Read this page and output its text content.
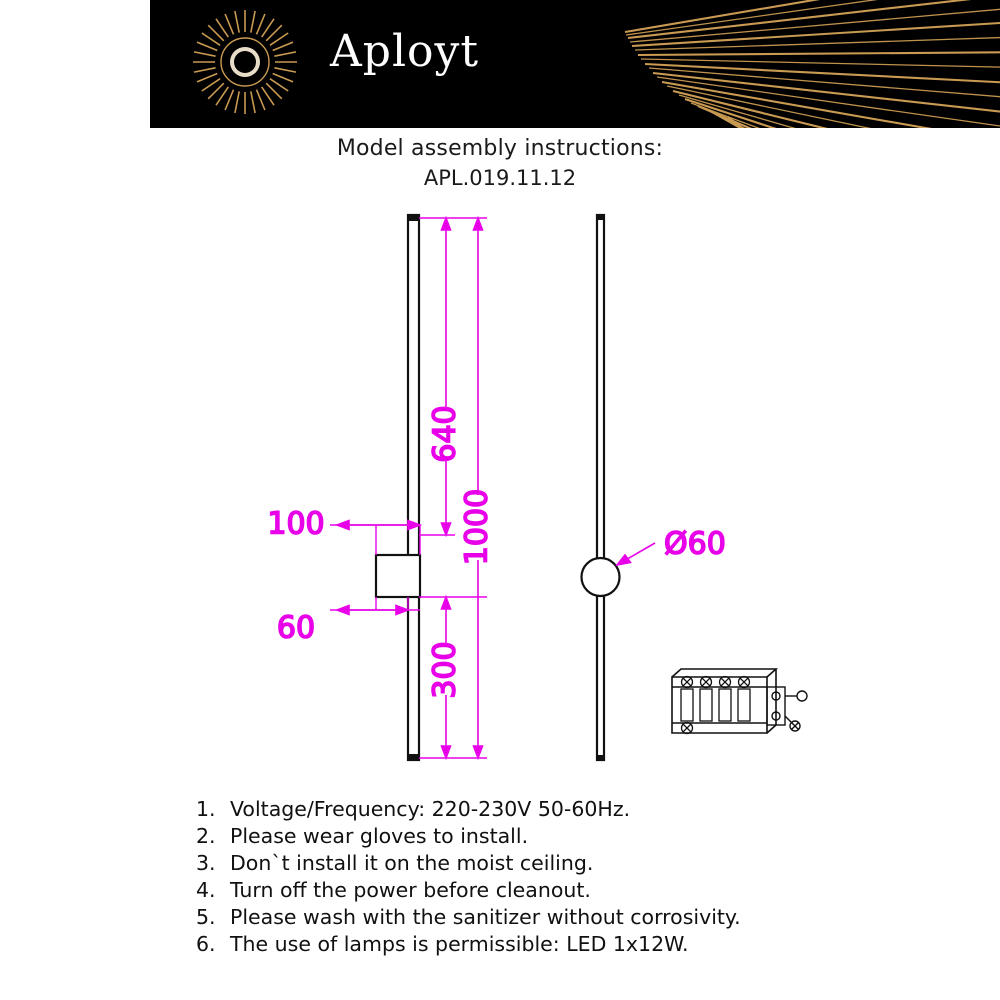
Aployt
Model assembly instructions:
APL.019.11.12
640
1000
300
100
60
Ø60
1. Voltage/Frequency: 220-230V 50-60Hz.
2. Please wear gloves to install.
3. Don`t install it on the moist ceiling.
4. Turn off the power before cleanout.
5. Please wash with the sanitizer without corrosivity.
6. The use of lamps is permissible: LED 1x12W.
